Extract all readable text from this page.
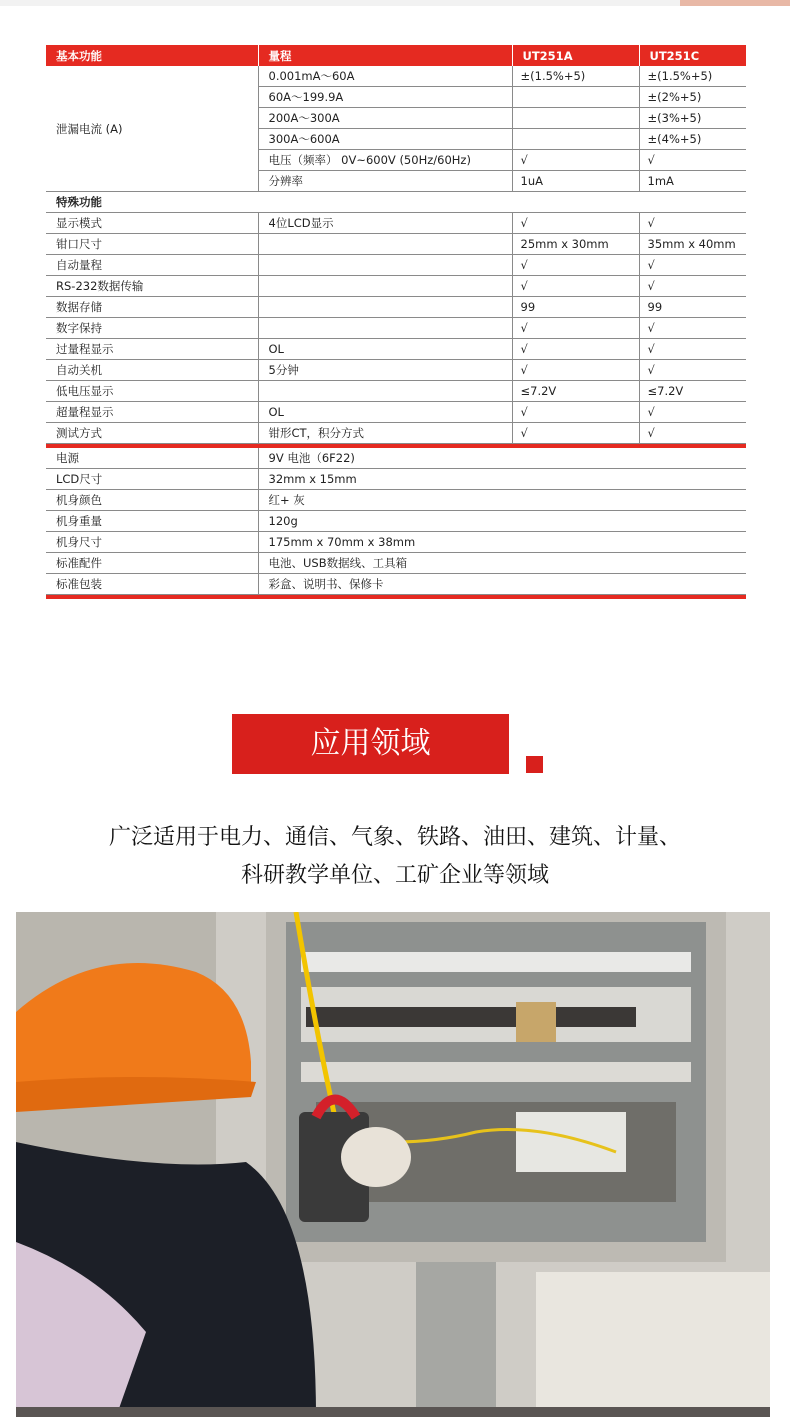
基本功能	量程	UT251A	UT251C
泄漏电流 (A)	0.001mA～60A	±(1.5%+5)	±(1.5%+5)
	60A～199.9A		±(2%+5)
	200A～300A		±(3%+5)
	300A～600A		±(4%+5)
	电压（频率） 0V~600V (50Hz/60Hz)	√	√
	分辨率	1uA	1mA
特殊功能			
显示模式	4位LCD显示	√	√
钳口尺寸		25mm x 30mm	35mm x 40mm
自动量程		√	√
RS-232数据传输		√	√
数据存储		99	99
数字保持		√	√
过量程显示	OL	√	√
自动关机	5分钟	√	√
低电压显示		≤7.2V	≤7.2V
超量程显示	OL	√	√
测试方式	钳形CT，积分方式	√	√

电源	9V 电池（6F22)		
LCD尺寸	32mm x 15mm		
机身颜色	红+ 灰		
机身重量	120g		
机身尺寸	175mm x 70mm x 38mm		
标准配件	电池、USB数据线、工具箱		
标准包装	彩盒、说明书、保修卡		

应用领域
广泛适用于电力、通信、气象、铁路、油田、建筑、计量、
科研教学单位、工矿企业等领域
